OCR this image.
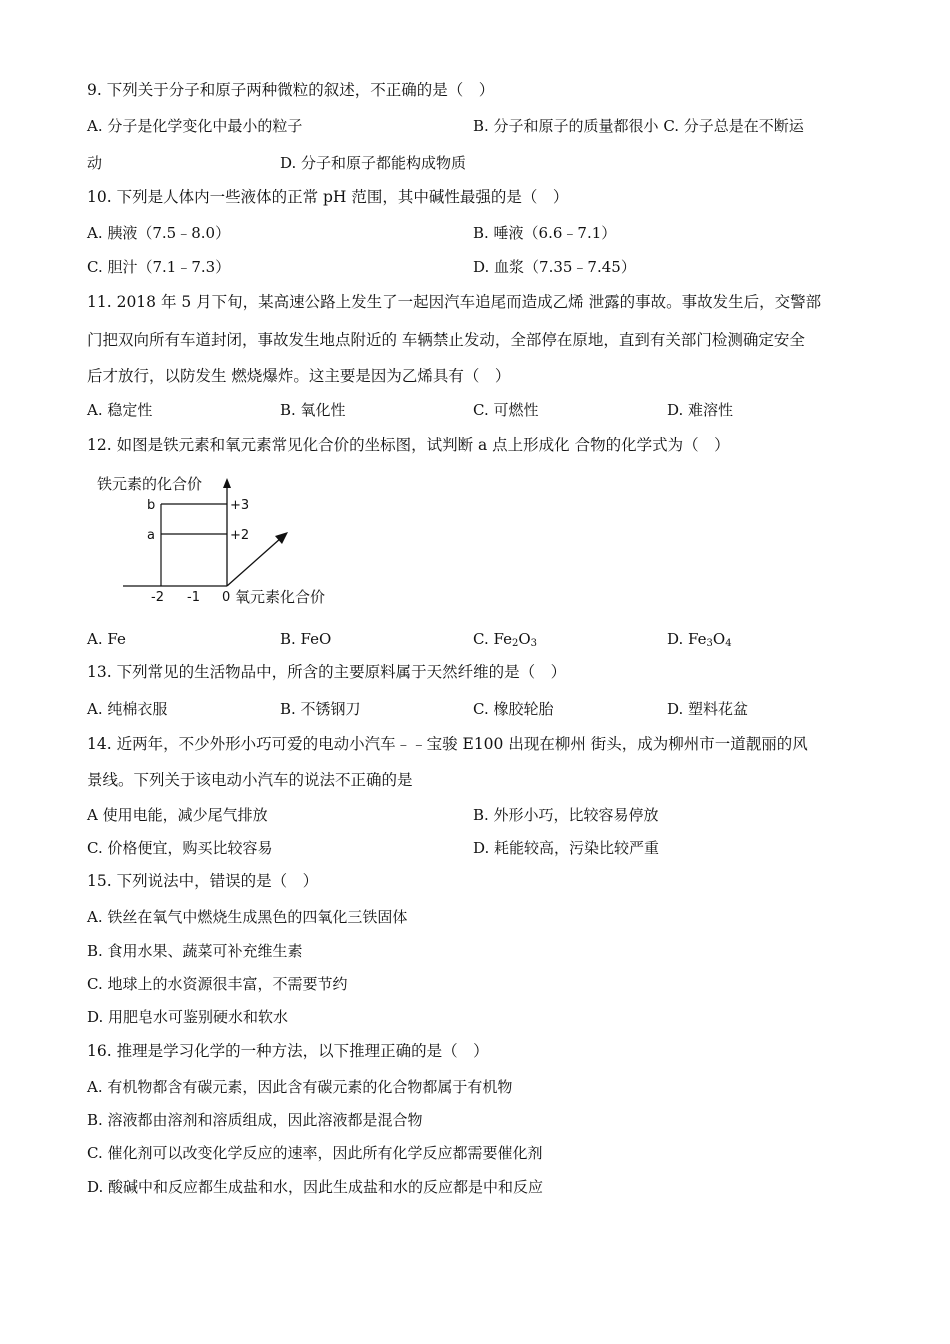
9. 下列关于分子和原子两种微粒的叙述，不正确的是（　）
A. 分子是化学变化中最小的粒子	B. 分子和原子的质量都很小 C. 分子总是在不断运
动	D. 分子和原子都能构成物质
10. 下列是人体内一些液体的正常 pH 范围，其中碱性最强的是（　）
A. 胰液（7.5﹣8.0）	B. 唾液（6.6﹣7.1）
C. 胆汁（7.1﹣7.3）	D. 血浆（7.35﹣7.45）
11. 2018 年 5 月下旬，某高速公路上发生了一起因汽车追尾而造成乙烯 泄露的事故。事故发生后，交警部
门把双向所有车道封闭，事故发生地点附近的 车辆禁止发动，全部停在原地，直到有关部门检测确定安全
后才放行，以防发生 燃烧爆炸。这主要是因为乙烯具有（　）
A. 稳定性	B. 氧化性	C. 可燃性	D. 难溶性
12. 如图是铁元素和氧元素常见化合价的坐标图，试判断 a 点上形成化 合物的化学式为（　）
铁元素的化合价
b
a
+3
+2
-2 -1 0 氧元素化合价
A. Fe	B. FeO	C. $Fe_2O_3$	D. $Fe_3O_4$
13. 下列常见的生活物品中，所含的主要原料属于天然纤维的是（　）
A. 纯棉衣服	B. 不锈钢刀	C. 橡胶轮胎	D. 塑料花盆
14. 近两年，不少外形小巧可爱的电动小汽车﹣﹣宝骏 E100 出现在柳州 街头，成为柳州市一道靓丽的风
景线。下列关于该电动小汽车的说法不正确的是
A 使用电能，减少尾气排放	B. 外形小巧，比较容易停放
C. 价格便宜，购买比较容易	D. 耗能较高，污染比较严重
15. 下列说法中，错误的是（　）
A. 铁丝在氧气中燃烧生成黑色的四氧化三铁固体
B. 食用水果、蔬菜可补充维生素
C. 地球上的水资源很丰富，不需要节约
D. 用肥皂水可鉴别硬水和软水
16. 推理是学习化学的一种方法，以下推理正确的是（　）
A. 有机物都含有碳元素，因此含有碳元素的化合物都属于有机物
B. 溶液都由溶剂和溶质组成，因此溶液都是混合物
C. 催化剂可以改变化学反应的速率，因此所有化学反应都需要催化剂
D. 酸碱中和反应都生成盐和水，因此生成盐和水的反应都是中和反应
